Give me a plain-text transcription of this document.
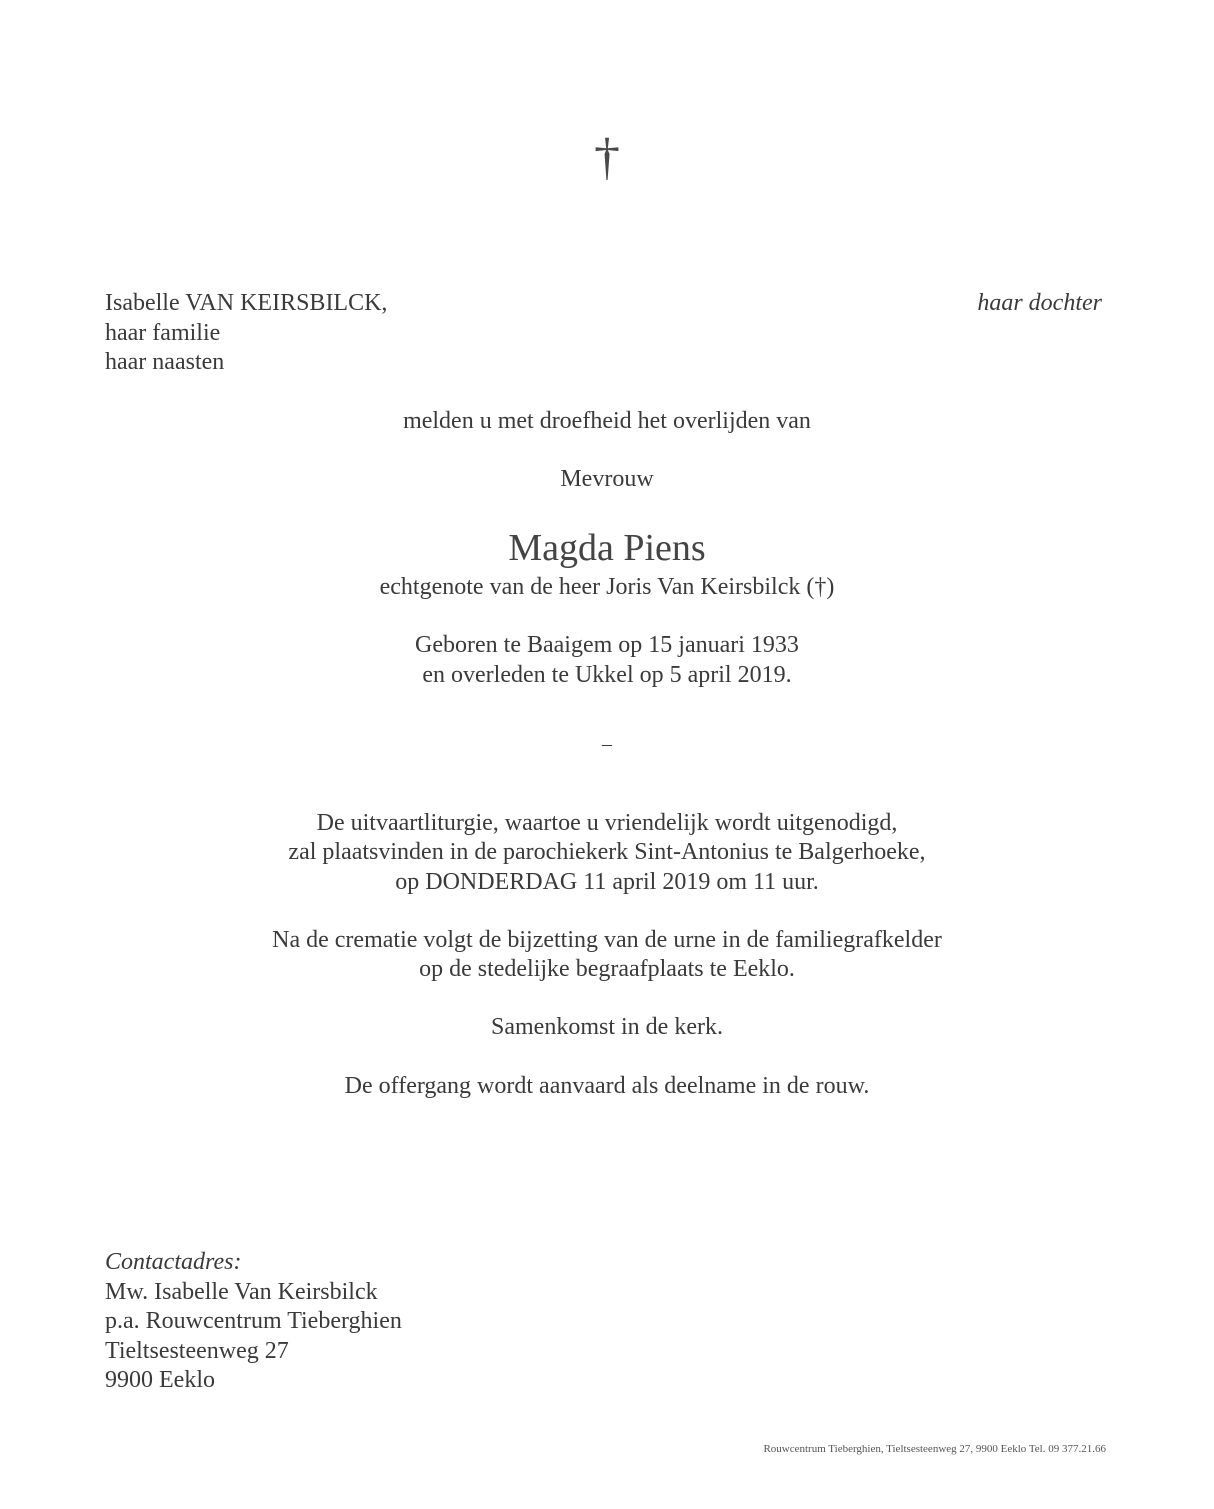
†
Isabelle VAN KEIRSBILCK,	haar dochter
haar familie
haar naasten
melden u met droefheid het overlijden van
Mevrouw
Magda Piens
echtgenote van de heer Joris Van Keirsbilck (†)
Geboren te Baaigem op 15 januari 1933
en overleden te Ukkel op 5 april 2019.
–
De uitvaartliturgie, waartoe u vriendelijk wordt uitgenodigd,
zal plaatsvinden in de parochiekerk Sint-Antonius te Balgerhoeke,
op DONDERDAG 11 april 2019 om 11 uur.
Na de crematie volgt de bijzetting van de urne in de familiegrafkelder
op de stedelijke begraafplaats te Eeklo.
Samenkomst in de kerk.
De offergang wordt aanvaard als deelname in de rouw.
Contactadres:
Mw. Isabelle Van Keirsbilck
p.a. Rouwcentrum Tieberghien
Tieltsesteenweg 27
9900 Eeklo
Rouwcentrum Tieberghien, Tieltsesteenweg 27, 9900 Eeklo Tel. 09 377.21.66
